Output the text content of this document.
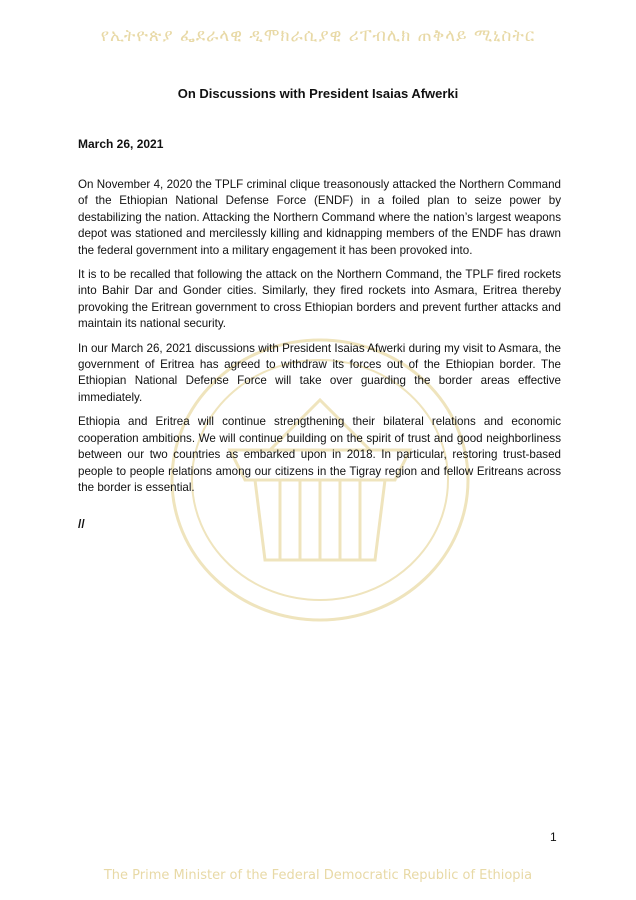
የኢትዮጵያ ፌደራላዊ ዲሞክራሲያዊ ሪፐብሊክ ጠቅላይ ሚኒስትር
On Discussions with President Isaias Afwerki
March 26, 2021

On November 4, 2020 the TPLF criminal clique treasonously attacked the Northern Command of the Ethiopian National Defense Force (ENDF) in a foiled plan to seize power by destabilizing the nation. Attacking the Northern Command where the nation’s largest weapons depot was stationed and mercilessly killing and kidnapping members of the ENDF has drawn the federal government into a military engagement it has been provoked into.

It is to be recalled that following the attack on the Northern Command, the TPLF fired rockets into Bahir Dar and Gonder cities. Similarly, they fired rockets into Asmara, Eritrea thereby provoking the Eritrean government to cross Ethiopian borders and prevent further attacks and maintain its national security.

In our March 26, 2021 discussions with President Isaias Afwerki during my visit to Asmara, the government of Eritrea has agreed to withdraw its forces out of the Ethiopian border. The Ethiopian National Defense Force will take over guarding the border areas effective immediately.

Ethiopia and Eritrea will continue strengthening their bilateral relations and economic cooperation ambitions. We will continue building on the spirit of trust and good neighborliness between our two countries as embarked upon in 2018. In particular, restoring trust-based people to people relations among our citizens in the Tigray region and fellow Eritreans across the border is essential.

//
1
The Prime Minister of the Federal Democratic Republic of Ethiopia
